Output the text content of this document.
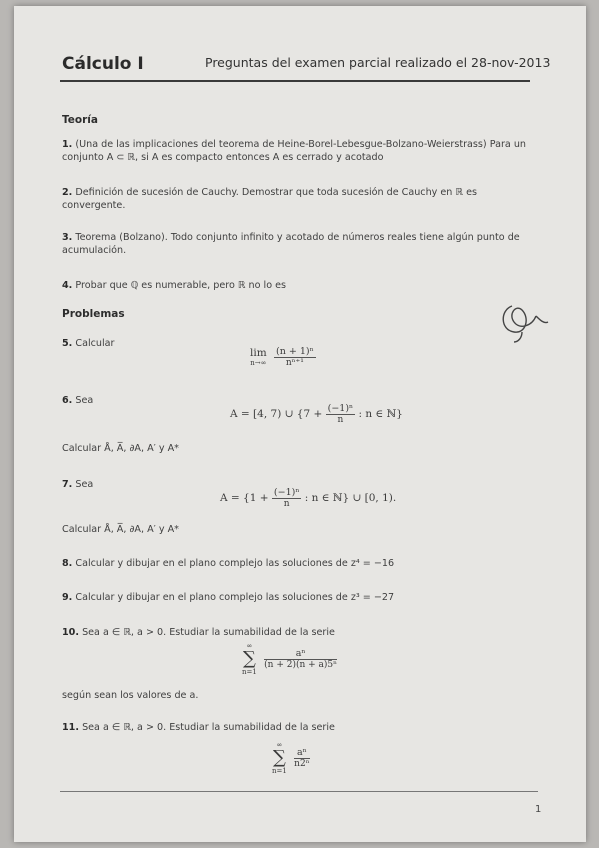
Cálculo I	Preguntas del examen parcial realizado el 28-nov-2013
Teoría
1. (Una de las implicaciones del teorema de Heine-Borel-Lebesgue-Bolzano-Weierstrass) Para un conjunto A ⊂ ℝ, si A es compacto entonces A es cerrado y acotado
2. Definición de sucesión de Cauchy. Demostrar que toda sucesión de Cauchy en ℝ es convergente.
3. Teorema (Bolzano). Todo conjunto infinito y acotado de números reales tiene algún punto de acumulación.
4. Probar que ℚ es numerable, pero ℝ no lo es
Problemas
5. Calcular
lim
n→∞
$\frac{\text{(n + 1)ⁿ}}{\text{nⁿ⁺¹}}$
6. Sea
A = [4, 7) ∪ {$7 + \frac{\text{(−1)ⁿ}}{n}$ : n ∈ ℕ}
Calcular Å, A̅, ∂A, A′ y A*
7. Sea
$A = \{1 + \frac{\text{(−1)ⁿ}}{n}$ : n ∈ ℕ} ∪ [0, 1).
Calcular Å, A̅, ∂A, A′ y A*
8. Calcular y dibujar en el plano complejo las soluciones de z⁴ = −16
9. Calcular y dibujar en el plano complejo las soluciones de z³ = −27
10. Sea a ∈ ℝ, a > 0. Estudiar la sumabilidad de la serie
∞
∑
n=1

$\frac{\text{aⁿ}}{\text{(n + 2)(n + a)5ⁿ}}$
según sean los valores de a.
11. Sea a ∈ ℝ, a > 0. Estudiar la sumabilidad de la serie
∞
∑
n=1

$\frac{\text{aⁿ}}{\text{n2ⁿ}}$
1
